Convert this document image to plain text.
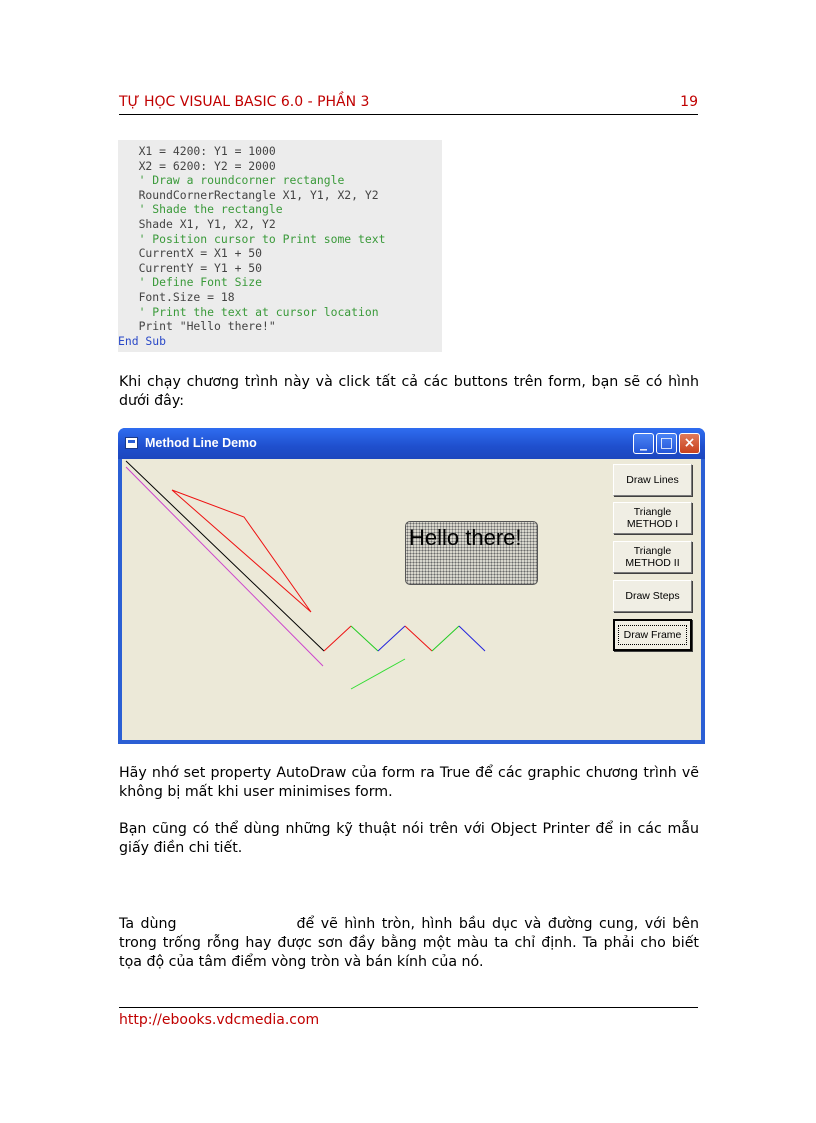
TỰ HỌC VISUAL BASIC 6.0 - PHẦN 3	19
X1 = 4200: Y1 = 1000
X2 = 6200: Y2 = 2000
' Draw a roundcorner rectangle
RoundCornerRectangle X1, Y1, X2, Y2
' Shade the rectangle
Shade X1, Y1, X2, Y2
' Position cursor to Print some text
CurrentX = X1 + 50
CurrentY = Y1 + 50
' Define Font Size
Font.Size = 18
' Print the text at cursor location
Print "Hello there!"
End Sub
Khi chạy chương trình này và click tất cả các buttons trên form, bạn sẽ có hình dưới đây:
Method Line Demo	_ □ ×
Hello there!
Draw Lines
Triangle
METHOD I
Triangle
METHOD II
Draw Steps
Draw Frame
Hãy nhớ set property AutoDraw của form ra True để các graphic chương trình vẽ không bị mất khi user minimises form.
Bạn cũng có thể dùng những kỹ thuật nói trên với Object Printer để in các mẫu giấy điền chi tiết.
Ta dùng	để vẽ hình tròn, hình bầu dục và đường cung, với bên trong trống rỗng hay được sơn đầy bằng một màu ta chỉ định. Ta phải cho biết tọa độ của tâm điểm vòng tròn và bán kính của nó.
http://ebooks.vdcmedia.com
